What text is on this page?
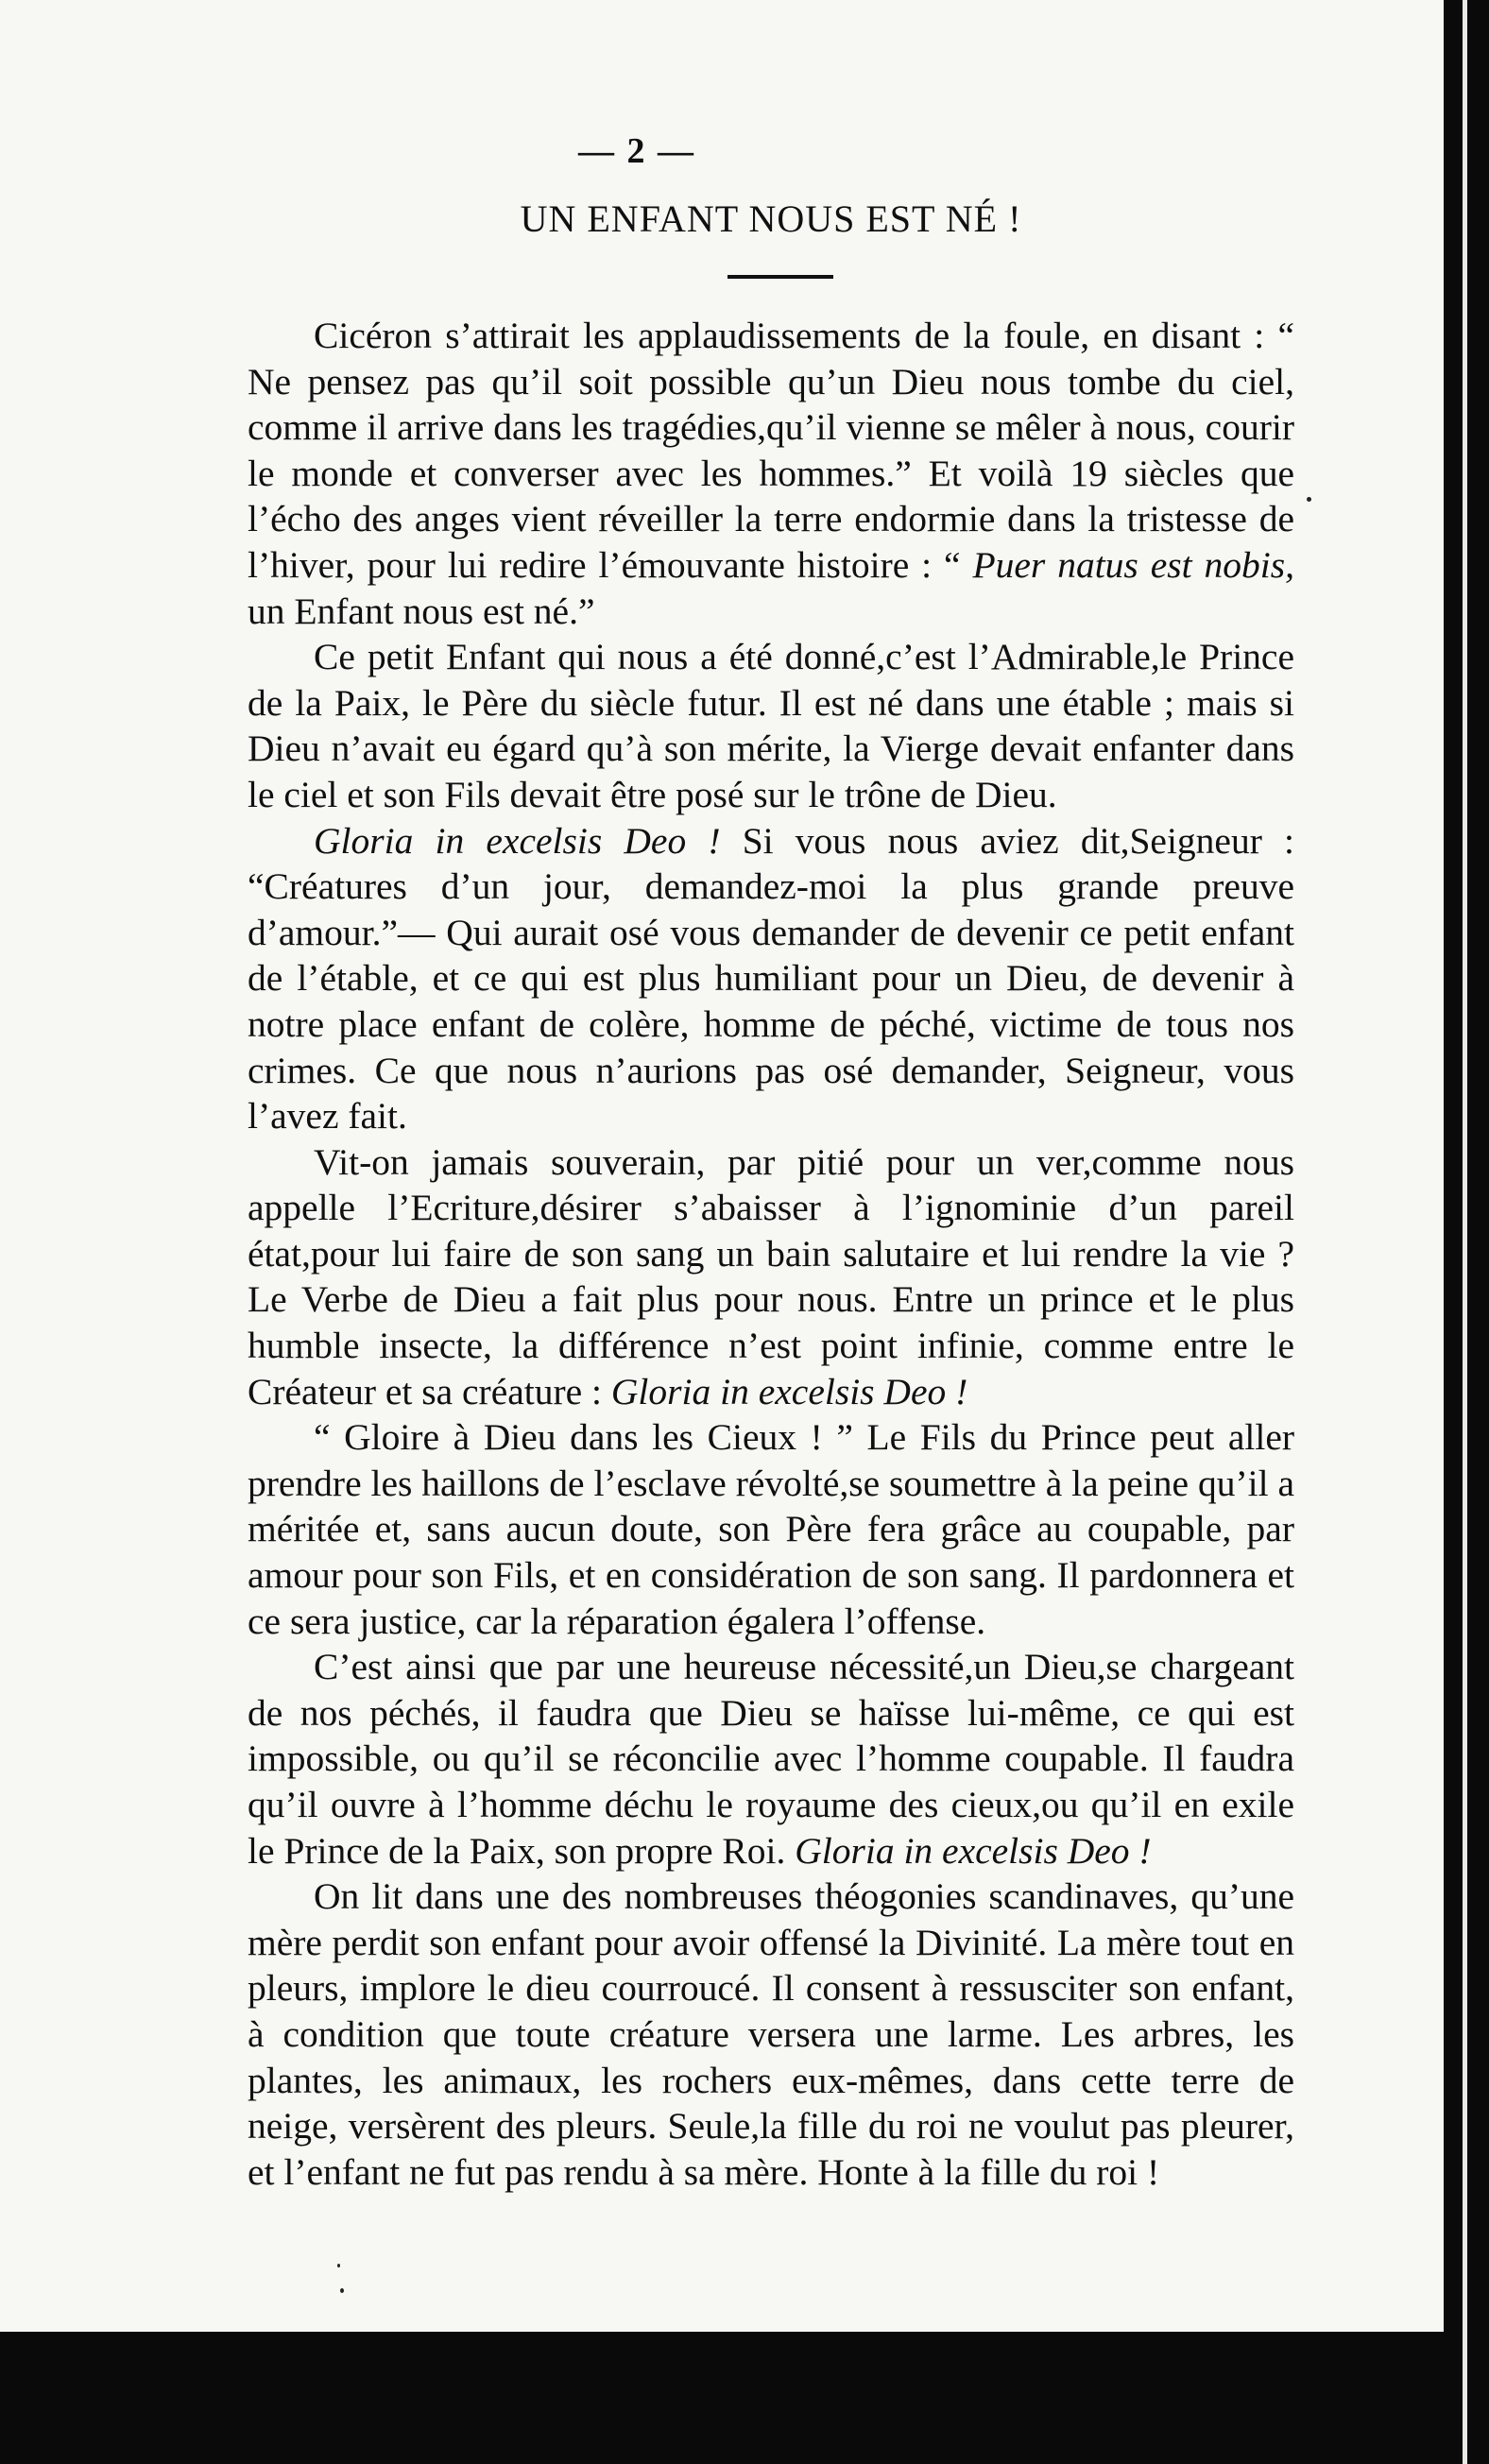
— 2 —
UN ENFANT NOUS EST NÉ !

Cicéron s’attirait les applaudissements de la foule, en disant : “ Ne pensez pas qu’il soit possible qu’un Dieu nous tombe du ciel, comme il arrive dans les tragédies,qu’il vienne se mêler à nous, courir le monde et converser avec les hommes.” Et voilà 19 siècles que l’écho des anges vient réveiller la terre endormie dans la tristesse de l’hiver, pour lui redire l’émouvante histoire : “ Puer natus est nobis, un Enfant nous est né.”

Ce petit Enfant qui nous a été donné,c’est l’Admirable,le Prince de la Paix, le Père du siècle futur. Il est né dans une étable ; mais si Dieu n’avait eu égard qu’à son mérite, la Vierge devait enfanter dans le ciel et son Fils devait être posé sur le trône de Dieu.

Gloria in excelsis Deo ! Si vous nous aviez dit,Seigneur : “Créatures d’un jour, demandez-moi la plus grande preuve d’amour.”— Qui aurait osé vous demander de devenir ce petit enfant de l’étable, et ce qui est plus humiliant pour un Dieu, de devenir à notre place enfant de colère, homme de péché, victime de tous nos crimes. Ce que nous n’aurions pas osé demander, Seigneur, vous l’avez fait.

Vit-on jamais souverain, par pitié pour un ver,comme nous appelle l’Ecriture,désirer s’abaisser à l’ignominie d’un pareil état,pour lui faire de son sang un bain salutaire et lui rendre la vie ? Le Verbe de Dieu a fait plus pour nous. Entre un prince et le plus humble insecte, la différence n’est point infinie, comme entre le Créateur et sa créature : Gloria in excelsis Deo !

“ Gloire à Dieu dans les Cieux ! ” Le Fils du Prince peut aller prendre les haillons de l’esclave révolté,se soumettre à la peine qu’il a méritée et, sans aucun doute, son Père fera grâce au coupable, par amour pour son Fils, et en considération de son sang. Il pardonnera et ce sera justice, car la réparation égalera l’offense.

C’est ainsi que par une heureuse nécessité,un Dieu,se chargeant de nos péchés, il faudra que Dieu se haïsse lui-même, ce qui est impossible, ou qu’il se réconcilie avec l’homme coupable. Il faudra qu’il ouvre à l’homme déchu le royaume des cieux,ou qu’il en exile le Prince de la Paix, son propre Roi. Gloria in excelsis Deo !

On lit dans une des nombreuses théogonies scandinaves, qu’une mère perdit son enfant pour avoir offensé la Divinité. La mère tout en pleurs, implore le dieu courroucé. Il consent à ressusciter son enfant, à condition que toute créature versera une larme. Les arbres, les plantes, les animaux, les rochers eux-mêmes, dans cette terre de neige, versèrent des pleurs. Seule,la fille du roi ne voulut pas pleurer, et l’enfant ne fut pas rendu à sa mère. Honte à la fille du roi !
